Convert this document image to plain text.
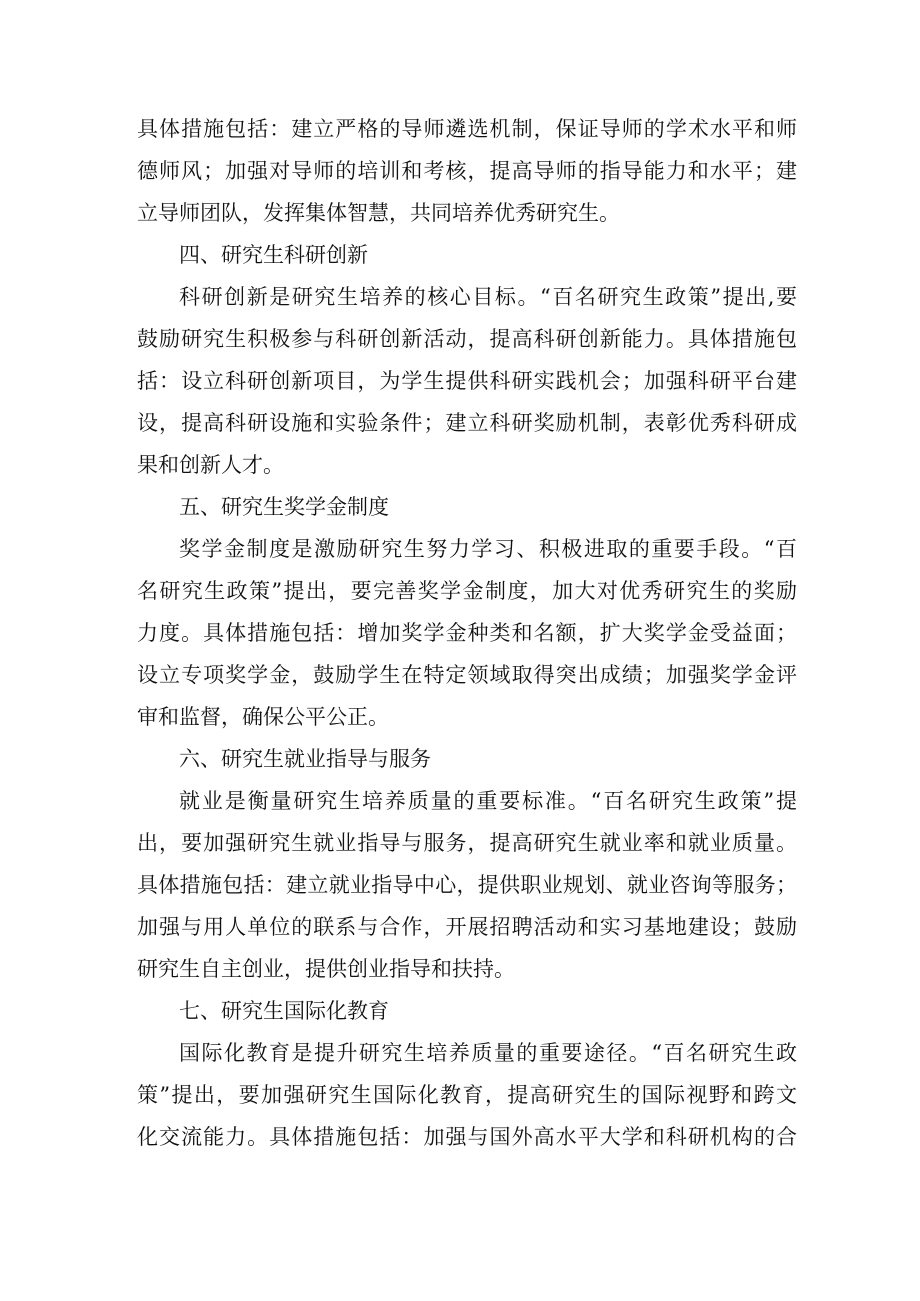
具体措施包括：建立严格的导师遴选机制，保证导师的学术水平和师
德师风；加强对导师的培训和考核，提高导师的指导能力和水平；建
立导师团队，发挥集体智慧，共同培养优秀研究生。
四、研究生科研创新
科研创新是研究生培养的核心目标。“百名研究生政策”提出,要
鼓励研究生积极参与科研创新活动，提高科研创新能力。具体措施包
括：设立科研创新项目，为学生提供科研实践机会；加强科研平台建
设，提高科研设施和实验条件；建立科研奖励机制，表彰优秀科研成
果和创新人才。
五、研究生奖学金制度
奖学金制度是激励研究生努力学习、积极进取的重要手段。“百
名研究生政策”提出，要完善奖学金制度，加大对优秀研究生的奖励
力度。具体措施包括：增加奖学金种类和名额，扩大奖学金受益面；
设立专项奖学金，鼓励学生在特定领域取得突出成绩；加强奖学金评
审和监督，确保公平公正。
六、研究生就业指导与服务
就业是衡量研究生培养质量的重要标准。“百名研究生政策”提
出，要加强研究生就业指导与服务，提高研究生就业率和就业质量。
具体措施包括：建立就业指导中心，提供职业规划、就业咨询等服务；
加强与用人单位的联系与合作，开展招聘活动和实习基地建设；鼓励
研究生自主创业，提供创业指导和扶持。
七、研究生国际化教育
国际化教育是提升研究生培养质量的重要途径。“百名研究生政
策”提出，要加强研究生国际化教育，提高研究生的国际视野和跨文
化交流能力。具体措施包括：加强与国外高水平大学和科研机构的合
